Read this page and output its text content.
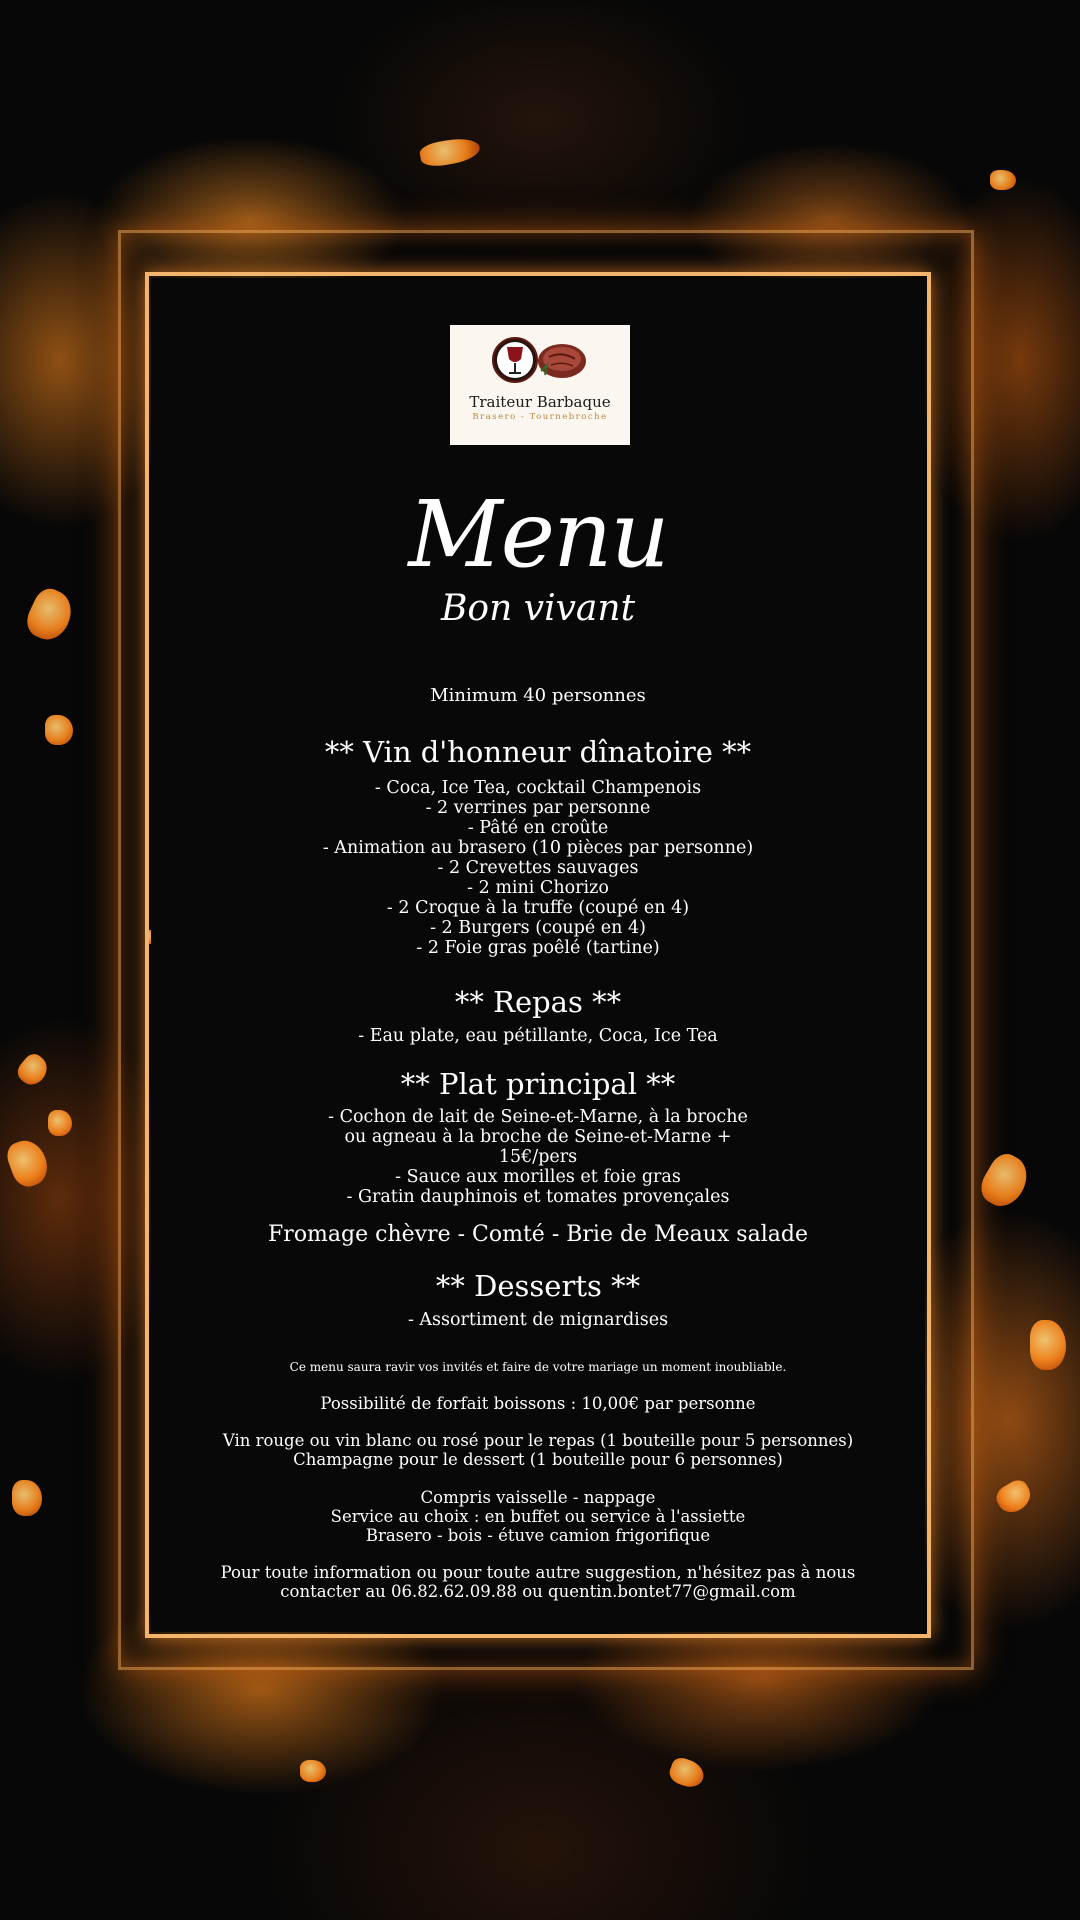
Traiteur Barbaque
Brasero - Tournebroche
Menu
Bon vivant
Minimum 40 personnes
** Vin d'honneur dînatoire **
- Coca, Ice Tea, cocktail Champenois
- 2 verrines par personne
- Pâté en croûte
- Animation au brasero (10 pièces par personne)
- 2 Crevettes sauvages
- 2 mini Chorizo
- 2 Croque à la truffe (coupé en 4)
- 2 Burgers (coupé en 4)
- 2 Foie gras poêlé (tartine)
** Repas **
- Eau plate, eau pétillante, Coca, Ice Tea
** Plat principal **
- Cochon de lait de Seine-et-Marne, à la broche
ou agneau à la broche de Seine-et-Marne +
15€/pers
- Sauce aux morilles et foie gras
- Gratin dauphinois et tomates provençales
Fromage chèvre - Comté - Brie de Meaux salade
** Desserts **
- Assortiment de mignardises
Ce menu saura ravir vos invités et faire de votre mariage un moment inoubliable.
Possibilité de forfait boissons : 10,00€ par personne
Vin rouge ou vin blanc ou rosé pour le repas (1 bouteille pour 5 personnes)
Champagne pour le dessert (1 bouteille pour 6 personnes)
Compris vaisselle - nappage
Service au choix : en buffet ou service à l'assiette
Brasero - bois - étuve camion frigorifique
Pour toute information ou pour toute autre suggestion, n'hésitez pas à nous
contacter au 06.82.62.09.88 ou quentin.bontet77@gmail.com
